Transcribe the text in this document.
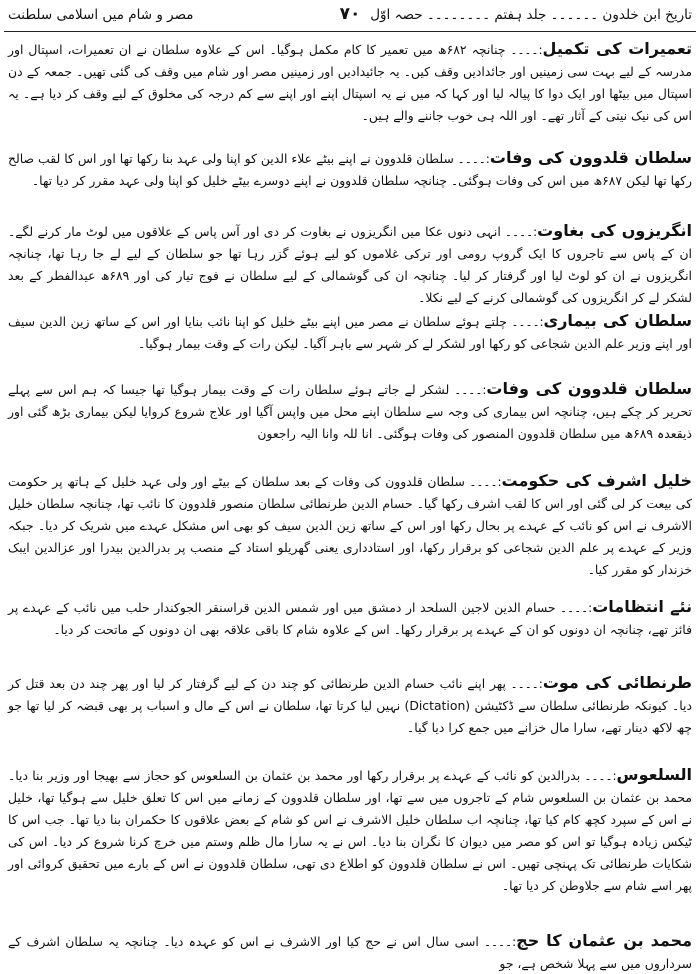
تاریخ ابن خلدون ۔۔۔۔۔۔ جلد ہفتم ۔۔۔۔۔۔۔۔ حصہ اوّل
۷۰
مصر و شام میں اسلامی سلطنت

تعمیرات کی تکمیل:۔۔۔۔ چنانچہ ۶۸۲ھ میں تعمیر کا کام مکمل ہوگیا۔ اس کے علاوہ سلطان نے ان تعمیرات، اسپتال اور مدرسہ کے لیے بہت سی زمینیں اور جائدادیں وقف کیں۔ یہ جائیدادیں اور زمینیں مصر اور شام میں وقف کی گئی تھیں۔ جمعہ کے دن اسپتال میں بیٹھا اور ایک دوا کا پیالہ لیا اور کہا کہ میں نے یہ اسپتال اپنے اور اپنے سے کم درجہ کی مخلوق کے لیے وقف کر دیا ہے۔ یہ اس کی نیک نیتی کے آثار تھے۔ اور اللہ ہی خوب جاننے والے ہیں۔

سلطان قلدوون کی وفات:۔۔۔۔ سلطان قلدوون نے اپنے بیٹے علاء الدین کو اپنا ولی عہد بنا رکھا تھا اور اس کا لقب صالح رکھا تھا لیکن ۶۸۷ھ میں اس کی وفات ہوگئی۔ چنانچہ سلطان قلدوون نے اپنے دوسرے بیٹے خلیل کو اپنا ولی عہد مقرر کر دیا تھا۔

انگریزوں کی بغاوت:۔۔۔۔ انہی دنوں عکا میں انگریزوں نے بغاوت کر دی اور آس پاس کے علاقوں میں لوٹ مار کرنے لگے۔ ان کے پاس سے تاجروں کا ایک گروپ رومی اور ترکی غلاموں کو لیے ہوئے گزر رہا تھا جو سلطان کے لیے لے جا رہا تھا، چنانچہ انگریزوں نے ان کو لوٹ لیا اور گرفتار کر لیا۔ چنانچہ ان کی گوشمالی کے لیے سلطان نے فوج تیار کی اور ۶۸۹ھ عیدالفطر کے بعد لشکر لے کر انگریزوں کی گوشمالی کرنے کے لیے نکلا۔

سلطان کی بیماری:۔۔۔۔ چلتے ہوئے سلطان نے مصر میں اپنے بیٹے خلیل کو اپنا نائب بنایا اور اس کے ساتھ زین الدین سیف اور اپنے وزیر علم الدین شجاعی کو رکھا اور لشکر لے کر شہر سے باہر آگیا۔ لیکن رات کے وقت بیمار ہوگیا۔

سلطان قلدوون کی وفات:۔۔۔۔ لشکر لے جاتے ہوئے سلطان رات کے وقت بیمار ہوگیا تھا جیسا کہ ہم اس سے پہلے تحریر کر چکے ہیں، چنانچہ اس بیماری کی وجہ سے سلطان اپنے محل میں واپس آگیا اور علاج شروع کروایا لیکن بیماری بڑھ گئی اور ذیقعدہ ۶۸۹ھ میں سلطان قلدوون المنصور کی وفات ہوگئی۔ انا للہ وانا الیہ راجعون

خلیل اشرف کی حکومت:۔۔۔۔ سلطان قلدوون کی وفات کے بعد سلطان کے بیٹے اور ولی عہد خلیل کے ہاتھ پر حکومت کی بیعت کر لی گئی اور اس کا لقب اشرف رکھا گیا۔ حسام الدین طرنطائی سلطان منصور قلدوون کا نائب تھا، چنانچہ سلطان خلیل الاشرف نے اس کو نائب کے عہدے پر بحال رکھا اور اس کے ساتھ زین الدین سیف کو بھی اس مشکل عہدے میں شریک کر دیا۔ جبکہ وزیر کے عہدے پر علم الدین شجاعی کو برقرار رکھا، اور استادداری یعنی گھریلو استاد کے منصب پر بدرالدین بیدرا اور عزالدین ایبک خزندار کو مقرر کیا۔

نئے انتظامات:۔۔۔۔ حسام الدین لاجین السلحد ار دمشق میں اور شمس الدین قراسنقر الجوکندار حلب میں نائب کے عہدے پر فائز تھے، چنانچہ ان دونوں کو ان کے عہدے پر برقرار رکھا۔ اس کے علاوہ شام کا باقی علاقہ بھی ان دونوں کے ماتحت کر دیا۔

طرنطائی کی موت:۔۔۔۔ پھر اپنے نائب حسام الدین طرنطائی کو چند دن کے لیے گرفتار کر لیا اور پھر چند دن بعد قتل کر دیا۔ کیونکہ طرنطائی سلطان سے ڈکٹیشن (Dictation) نہیں لیا کرتا تھا، سلطان نے اس کے مال و اسباب پر بھی قبضہ کر لیا تھا جو چھ لاکھ دینار تھے، سارا مال خزانے میں جمع کرا دیا گیا۔

السلعوس:۔۔۔۔ بدرالدین کو نائب کے عہدے پر برقرار رکھا اور محمد بن عثمان بن السلعوس کو حجاز سے بھیجا اور وزیر بنا دیا۔ محمد بن عثمان بن السلعوس شام کے تاجروں میں سے تھا، اور سلطان قلدوون کے زمانے میں اس کا تعلق خلیل سے ہوگیا تھا، خلیل نے اس کے سپرد کچھ کام کیا تھا، چنانچہ اب سلطان خلیل الاشرف نے اس کو شام کے بعض علاقوں کا حکمران بنا دیا تھا۔ جب اس کا ٹیکس زیادہ ہوگیا تو اس کو مصر میں دیوان کا نگران بنا دیا۔ اس نے یہ سارا مال ظلم وستم میں خرچ کرنا شروع کر دیا۔ اس کی شکایات طرنطائی تک پہنچی تھیں۔ اس نے سلطان قلدوون کو اطلاع دی تھی، سلطان قلدوون نے اس کے بارے میں تحقیق کروائی اور پھر اسے شام سے جلاوطن کر دیا تھا۔

محمد بن عثمان کا حج:۔۔۔۔ اسی سال اس نے حج کیا اور الاشرف نے اس کو عہدہ دیا۔ چنانچہ یہ سلطان اشرف کے سرداروں میں سے پہلا شخص ہے، جو
